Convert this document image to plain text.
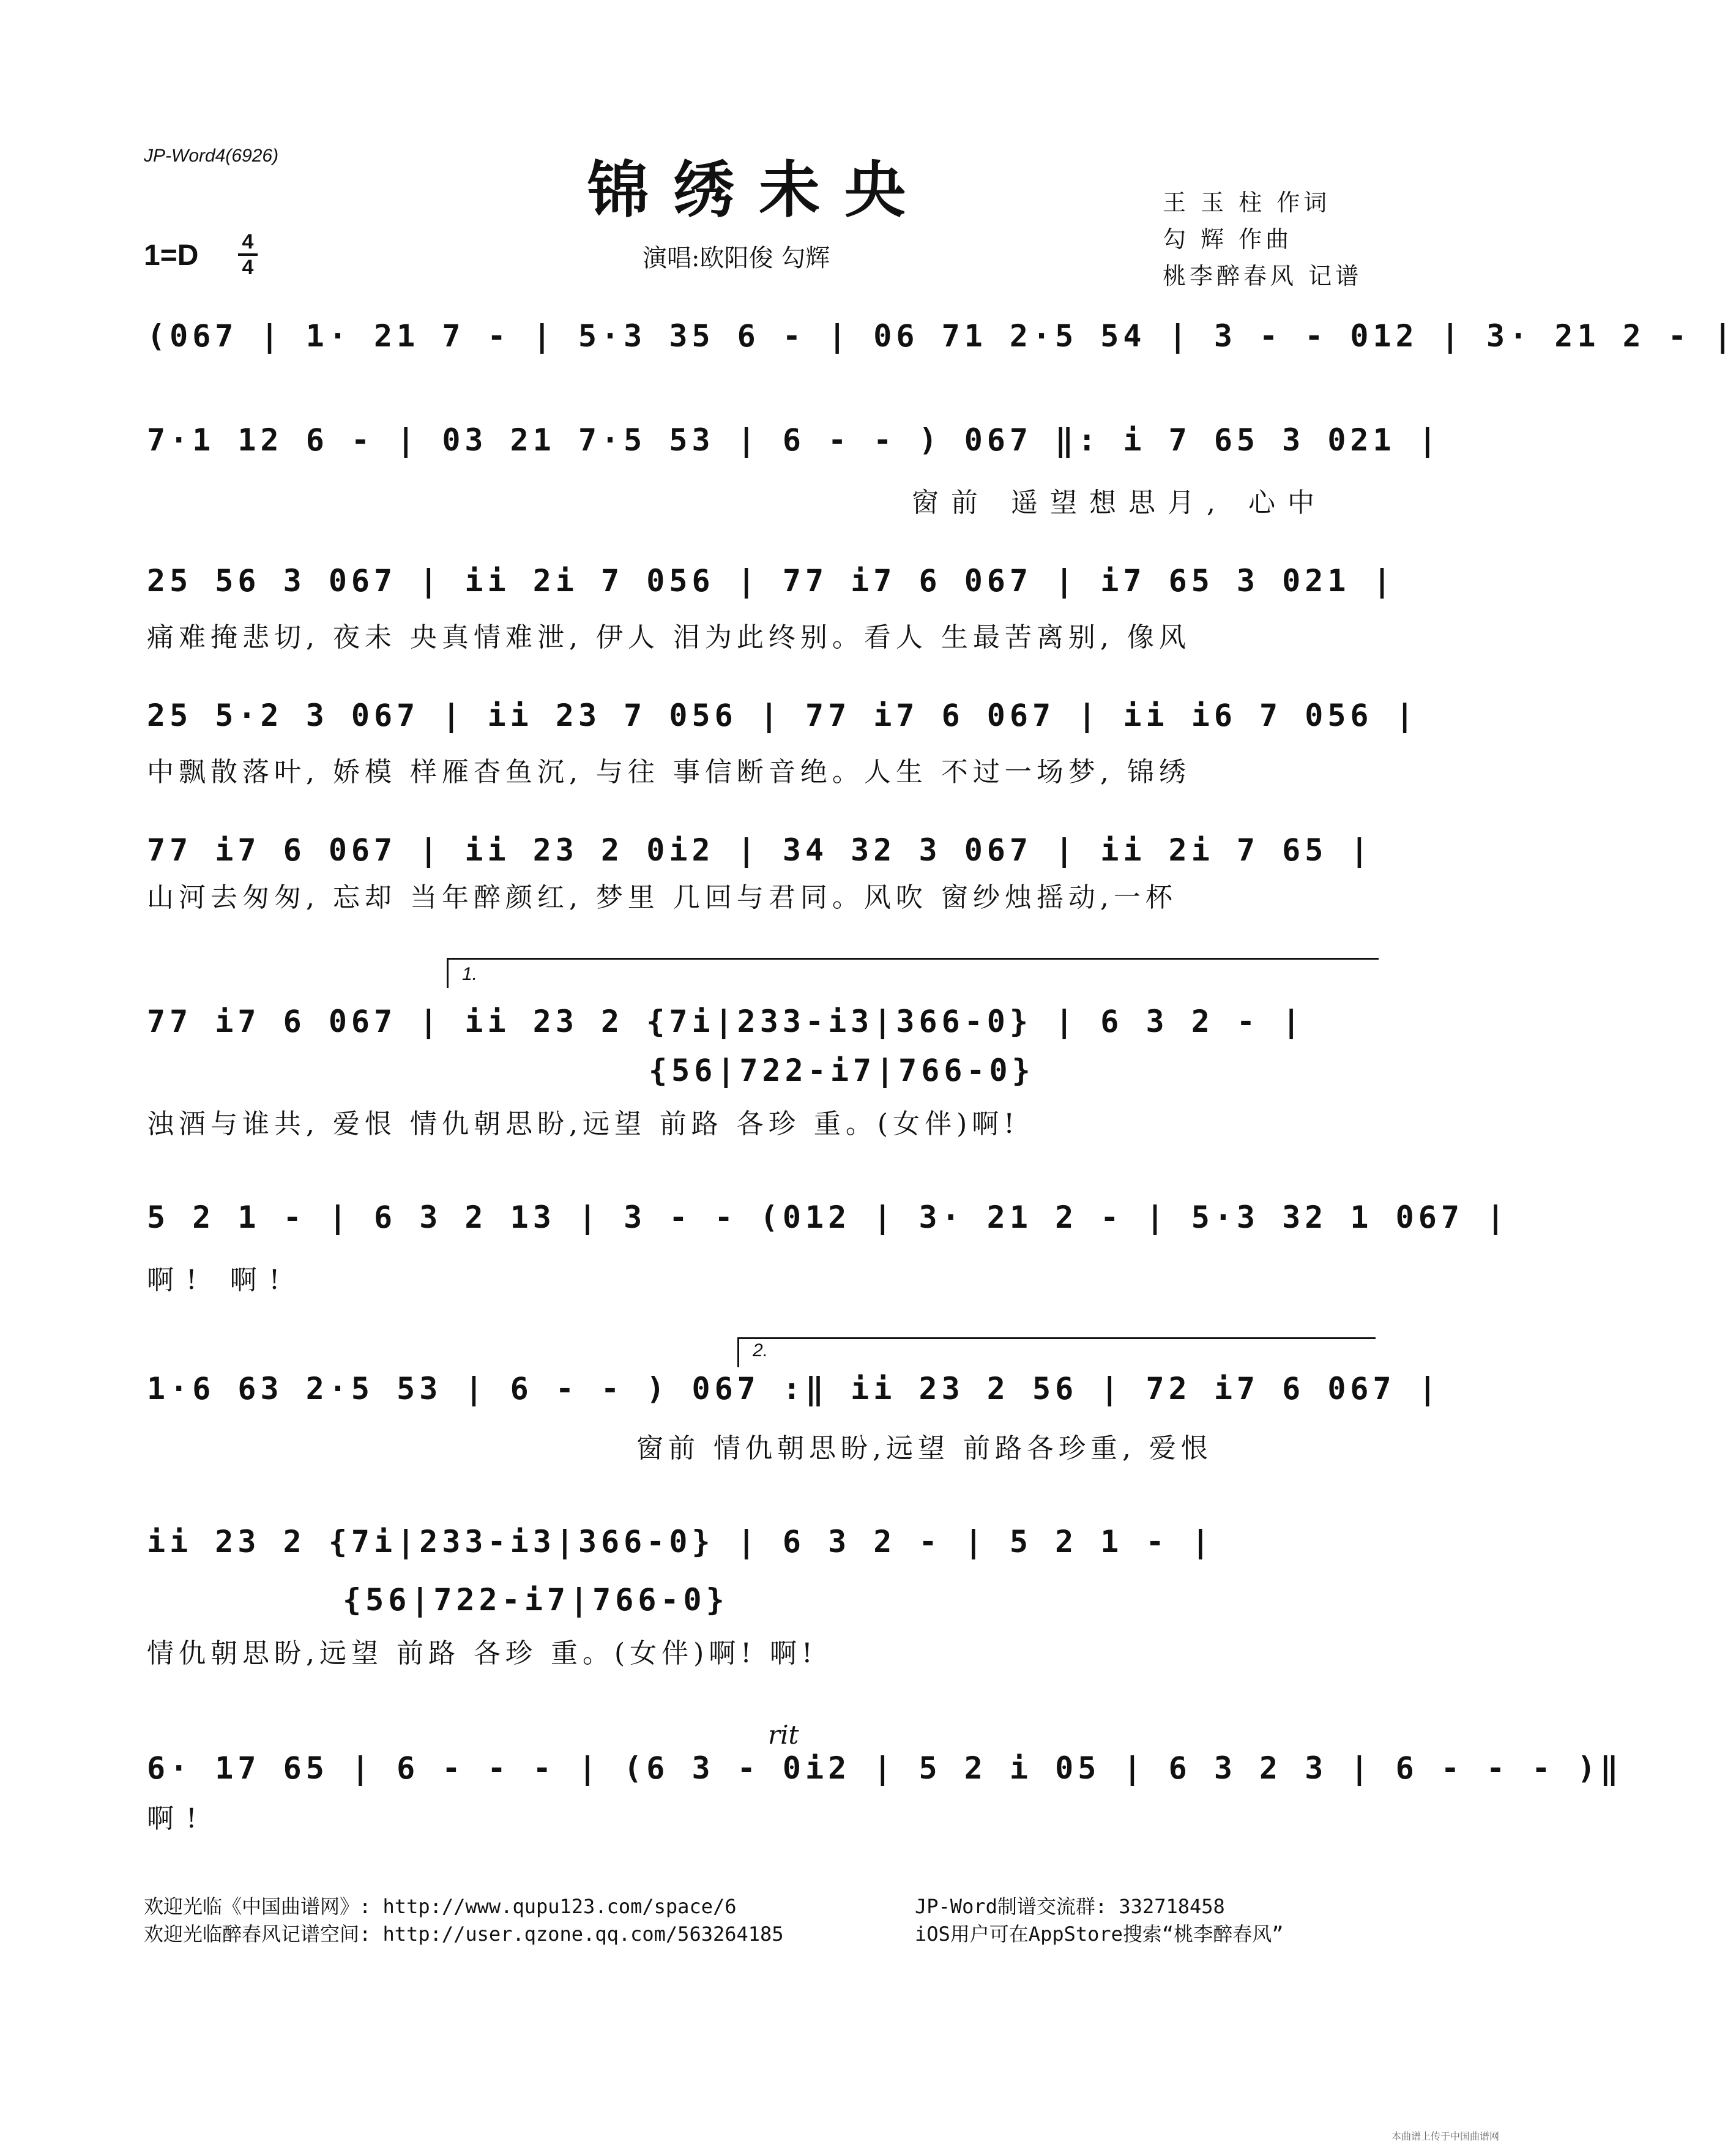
JP-Word4(6926)	锦绣未央
1=D	4
4	演唱:欧阳俊 勾辉
王 玉 柱 作词
勾 辉 作曲
桃李醉春风 记谱
(067 | 1· 21 7 - | 5·3 35 6 - | 06 71 2·5 54 | 3 - - 012 | 3· 21 2 - |
7·1 12 6 - | 03 21 7·5 53 | 6 - - ) 067 ‖: i 7 65 3 021 |
窗前 遥望想思月, 心中
25 56 3 067 | ii 2i 7 056 | 77 i7 6 067 | i7 65 3 021 |
痛难掩悲切, 夜未 央真情难泄, 伊人 泪为此终别。看人 生最苦离别, 像风
25 5·2 3 067 | ii 23 7 056 | 77 i7 6 067 | ii i6 7 056 |
中飘散落叶, 娇模 样雁杳鱼沉, 与往 事信断音绝。人生 不过一场梦, 锦绣
77 i7 6 067 | ii 23 2 0i2 | 34 32 3 067 | ii 2i 7 65 |
山河去匆匆, 忘却 当年醉颜红, 梦里 几回与君同。风吹 窗纱烛摇动,一杯
1.
77 i7 6 067 | ii 23 2 {7i|233-i3|366-0} | 6 3 2 - |
{56|722-i7|766-0}
浊酒与谁共, 爱恨 情仇朝思盼,远望 前路 各珍 重。(女伴)啊!
5 2 1 - | 6 3 2 13 | 3 - - (012 | 3· 21 2 - | 5·3 32 1 067 |
啊! 啊!
2.
1·6 63 2·5 53 | 6 - - ) 067 :‖ ii 23 2 56 | 72 i7 6 067 |
窗前 情仇朝思盼,远望 前路各珍重, 爱恨
ii 23 2 {7i|233-i3|366-0} | 6 3 2 - | 5 2 1 - |
{56|722-i7|766-0}
情仇朝思盼,远望 前路 各珍 重。(女伴)啊! 啊!
rit
6· 17 65 | 6 - - - | (6 3 - 0i2 | 5 2 i 05 | 6 3 2 3 | 6 - - - )‖
啊!
欢迎光临《中国曲谱网》: http://www.qupu123.com/space/6
欢迎光临醉春风记谱空间: http://user.qzone.qq.com/563264185
JP-Word制谱交流群: 332718458
iOS用户可在AppStore搜索“桃李醉春风”
本曲谱上传于中国曲谱网
